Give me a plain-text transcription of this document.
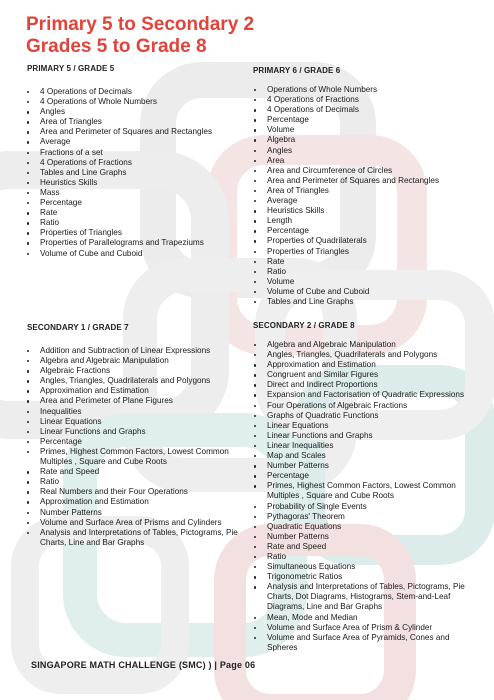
Primary 5 to Secondary 2
Grades 5 to Grade 8
PRIMARY 5 / GRADE 5
4 Operations of Decimals
4 Operations of Whole Numbers
Angles
Area of Triangles
Area and Perimeter of Squares and Rectangles
Average
Fractions of a set
4 Operations of Fractions
Tables and Line Graphs
Heuristics Skills
Mass
Percentage
Rate
Ratio
Properties of Triangles
Properties of Parallelograms and Trapeziums
Volume of Cube and Cuboid
PRIMARY 6 / GRADE 6
Operations of Whole Numbers
4 Operations of Fractions
4 Operations of Decimals
Percentage
Volume
Algebra
Angles
Area
Area and Circumference of Circles
Area and Perimeter of Squares and Rectangles
Area of Triangles
Average
Heuristics Skills
Length
Percentage
Properties of Quadrilaterals
Properties of Triangles
Rate
Ratio
Volume
Volume of Cube and Cuboid
Tables and Line Graphs
SECONDARY 1 / GRADE 7
Addition and Subtraction of Linear Expressions
Algebra and Algebraic Manipulation
Algebraic Fractions
Angles, Triangles, Quadrilaterals and Polygons
Approximation and Estimation
Area and Perimeter of Plane Figures
Inequalities
Linear Equations
Linear Functions and Graphs
Percentage
Primes, Highest Common Factors, Lowest Common Multiples , Square and Cube Roots
Rate and Speed
Ratio
Real Numbers and their Four Operations
Approximation and Estimation
Number Patterns
Volume and Surface Area of Prisms and Cylinders
Analysis and Interpretations of Tables, Pictograms, Pie Charts, Line and Bar Graphs
SECONDARY 2 / GRADE 8
Algebra and Algebraic Manipulation
Angles, Triangles, Quadrilaterals and Polygons
Approximation and Estimation
Congruent and Similar Figures
Direct and Indirect Proportions
Expansion and Factorisation of Quadratic Expressions
Four Operations of Algebraic Fractions
Graphs of Quadratic Functions
Linear Equations
Linear Functions and Graphs
Linear Inequalities
Map and Scales
Number Patterns
Percentage
Primes, Highest Common Factors, Lowest Common Multiples , Square and Cube Roots
Probability of Single Events
Pythagoras' Theorem
Quadratic Equations
Number Patterns
Rate and Speed
Ratio
Simultaneous Equations
Trigonometric Ratios
Analysis and Interpretations of Tables, Pictograms, Pie Charts, Dot Diagrams, Histograms, Stem-and-Leaf Diagrams, Line and Bar Graphs
Mean, Mode and Median
Volume and Surface Area of Prism & Cylinder
Volume and Surface Area of Pyramids, Cones and Spheres
SINGAPORE MATH CHALLENGE (SMC) ) | Page 06
